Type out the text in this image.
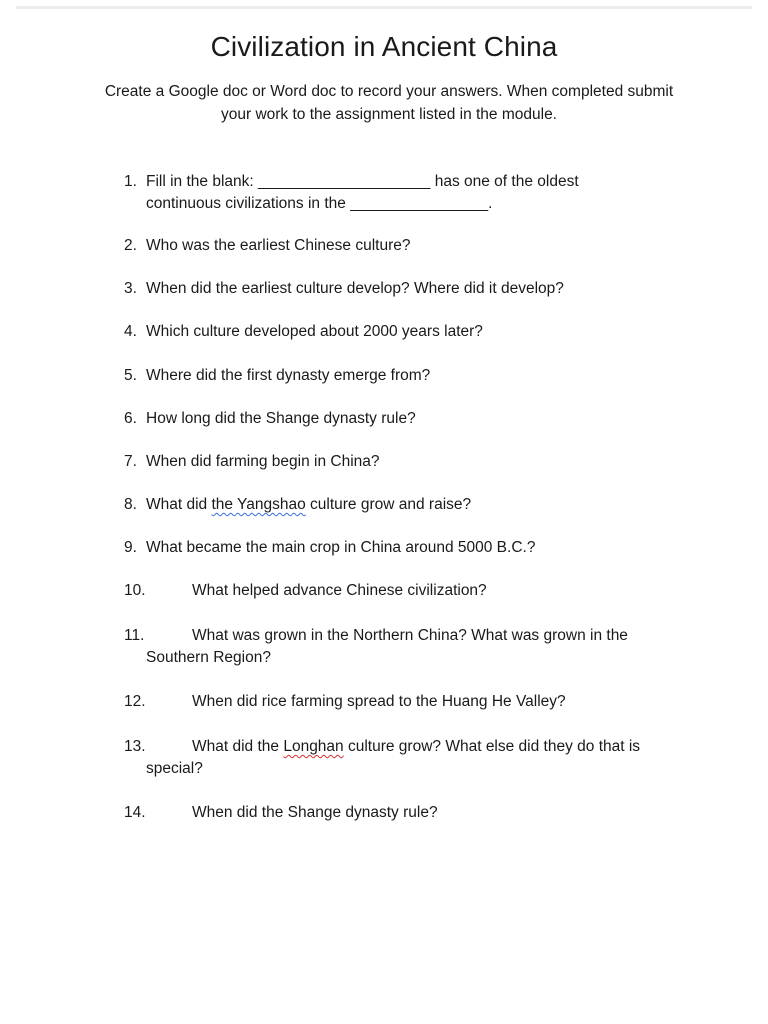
Civilization in Ancient China

Create a Google doc or Word doc to record your answers. When completed submit your work to the assignment listed in the module.

1. Fill in the blank: ____________________ has one of the oldest
continuous civilizations in the ________________.
2. Who was the earliest Chinese culture?
3. When did the earliest culture develop? Where did it develop?
4. Which culture developed about 2000 years later?
5. Where did the first dynasty emerge from?
6. How long did the Shange dynasty rule?
7. When did farming begin in China?
8. What did the Yangshao culture grow and raise?
9. What became the main crop in China around 5000 B.C.?
10.	What helped advance Chinese civilization?
11.	What was grown in the Northern China? What was grown in the
Southern Region?
12.	When did rice farming spread to the Huang He Valley?
13.	What did the Longhan culture grow? What else did they do that is
special?
14.	When did the Shange dynasty rule?
